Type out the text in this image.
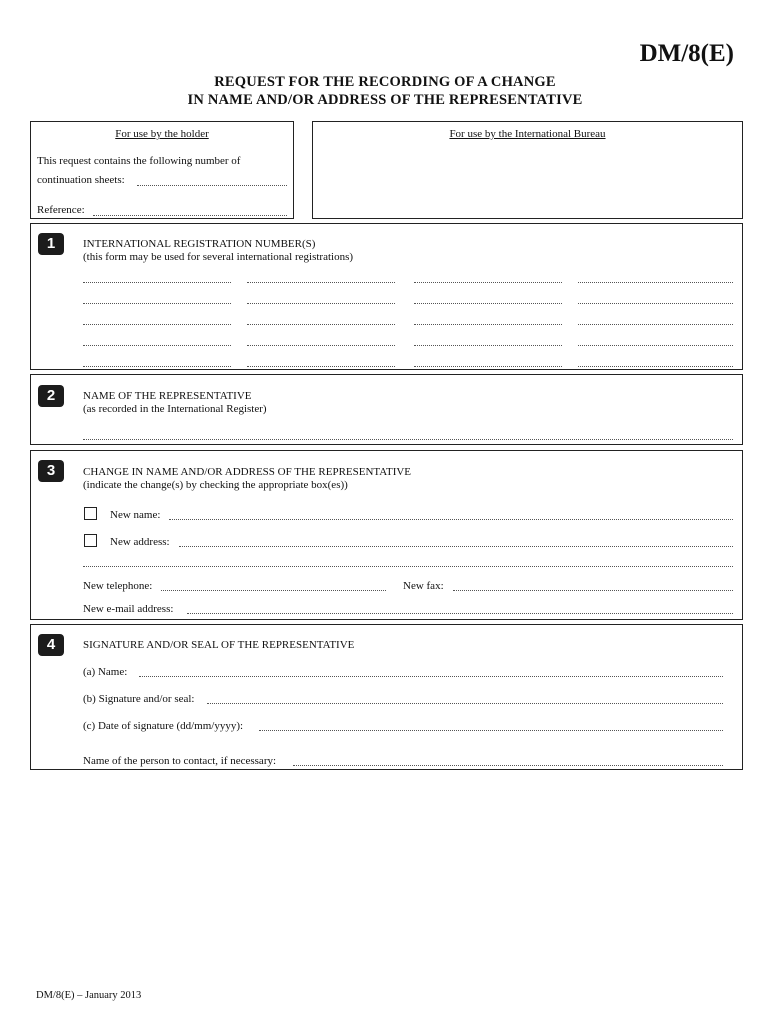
DM/8(E)
REQUEST FOR THE RECORDING OF A CHANGE
IN NAME AND/OR ADDRESS OF THE REPRESENTATIVE
For use by the holder
This request contains the following number of
continuation sheets:
Reference:
For use by the International Bureau
1	INTERNATIONAL REGISTRATION NUMBER(S)
(this form may be used for several international registrations)
2	NAME OF THE REPRESENTATIVE
(as recorded in the International Register)
3	CHANGE IN NAME AND/OR ADDRESS OF THE REPRESENTATIVE
(indicate the change(s) by checking the appropriate box(es))
New name:
New address:
New telephone:	New fax:
New e-mail address:
4	SIGNATURE AND/OR SEAL OF THE REPRESENTATIVE
(a) Name:
(b) Signature and/or seal:
(c) Date of signature (dd/mm/yyyy):
Name of the person to contact, if necessary:
DM/8(E) – January 2013
